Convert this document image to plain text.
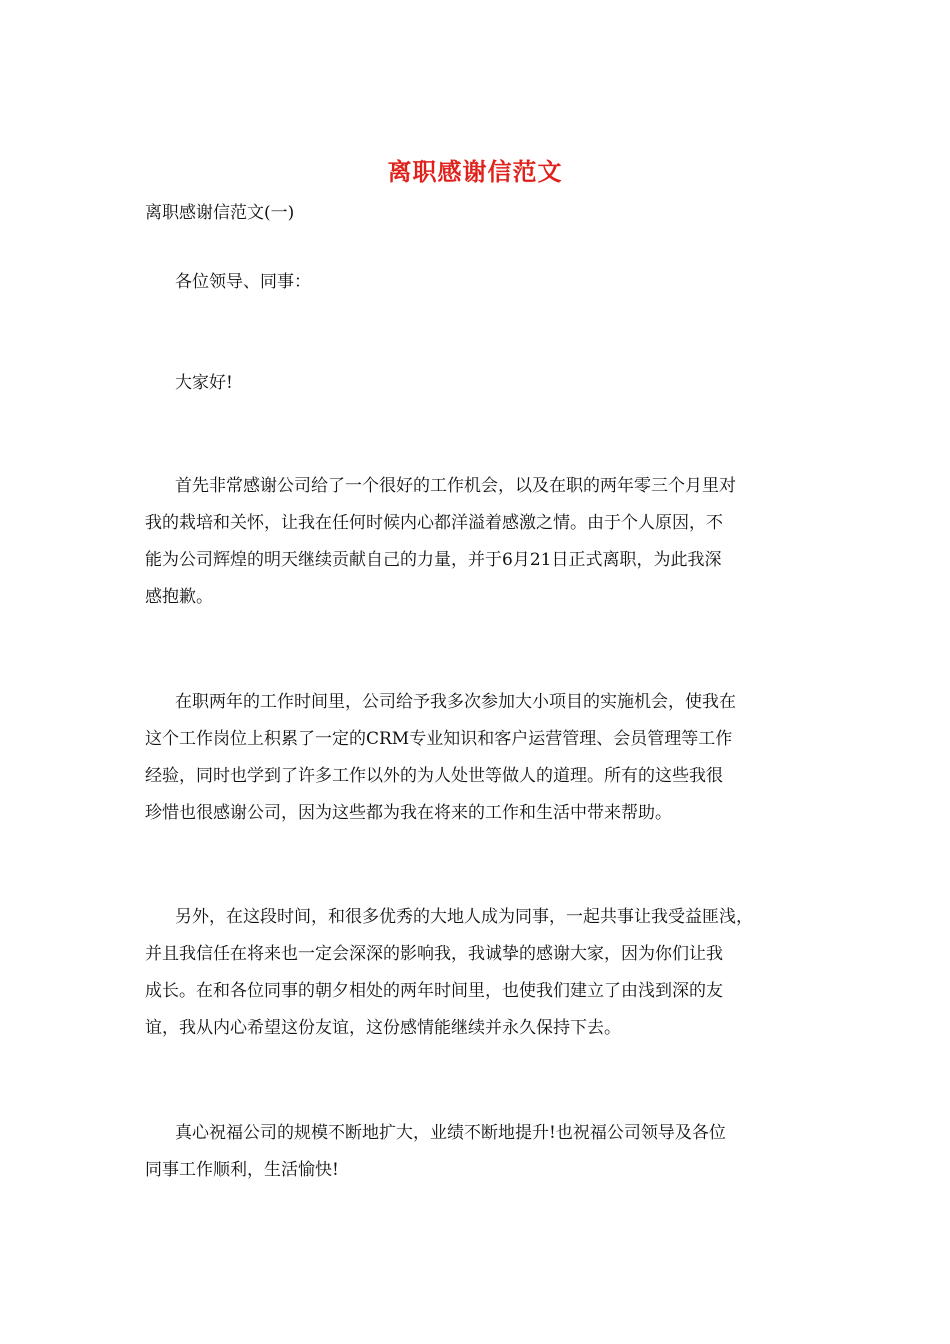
离职感谢信范文
离职感谢信范文(一)
各位领导、同事：
大家好!
首先非常感谢公司给了一个很好的工作机会，以及在职的两年零三个月里对
我的栽培和关怀，让我在任何时候内心都洋溢着感激之情。由于个人原因，不
能为公司辉煌的明天继续贡献自己的力量，并于6月21日正式离职，为此我深
感抱歉。
在职两年的工作时间里，公司给予我多次参加大小项目的实施机会，使我在
这个工作岗位上积累了一定的CRM专业知识和客户运营管理、会员管理等工作
经验，同时也学到了许多工作以外的为人处世等做人的道理。所有的这些我很
珍惜也很感谢公司，因为这些都为我在将来的工作和生活中带来帮助。
另外，在这段时间，和很多优秀的大地人成为同事，一起共事让我受益匪浅，
并且我信任在将来也一定会深深的影响我，我诚挚的感谢大家，因为你们让我
成长。在和各位同事的朝夕相处的两年时间里，也使我们建立了由浅到深的友
谊，我从内心希望这份友谊，这份感情能继续并永久保持下去。
真心祝福公司的规模不断地扩大，业绩不断地提升!也祝福公司领导及各位
同事工作顺利，生活愉快!
